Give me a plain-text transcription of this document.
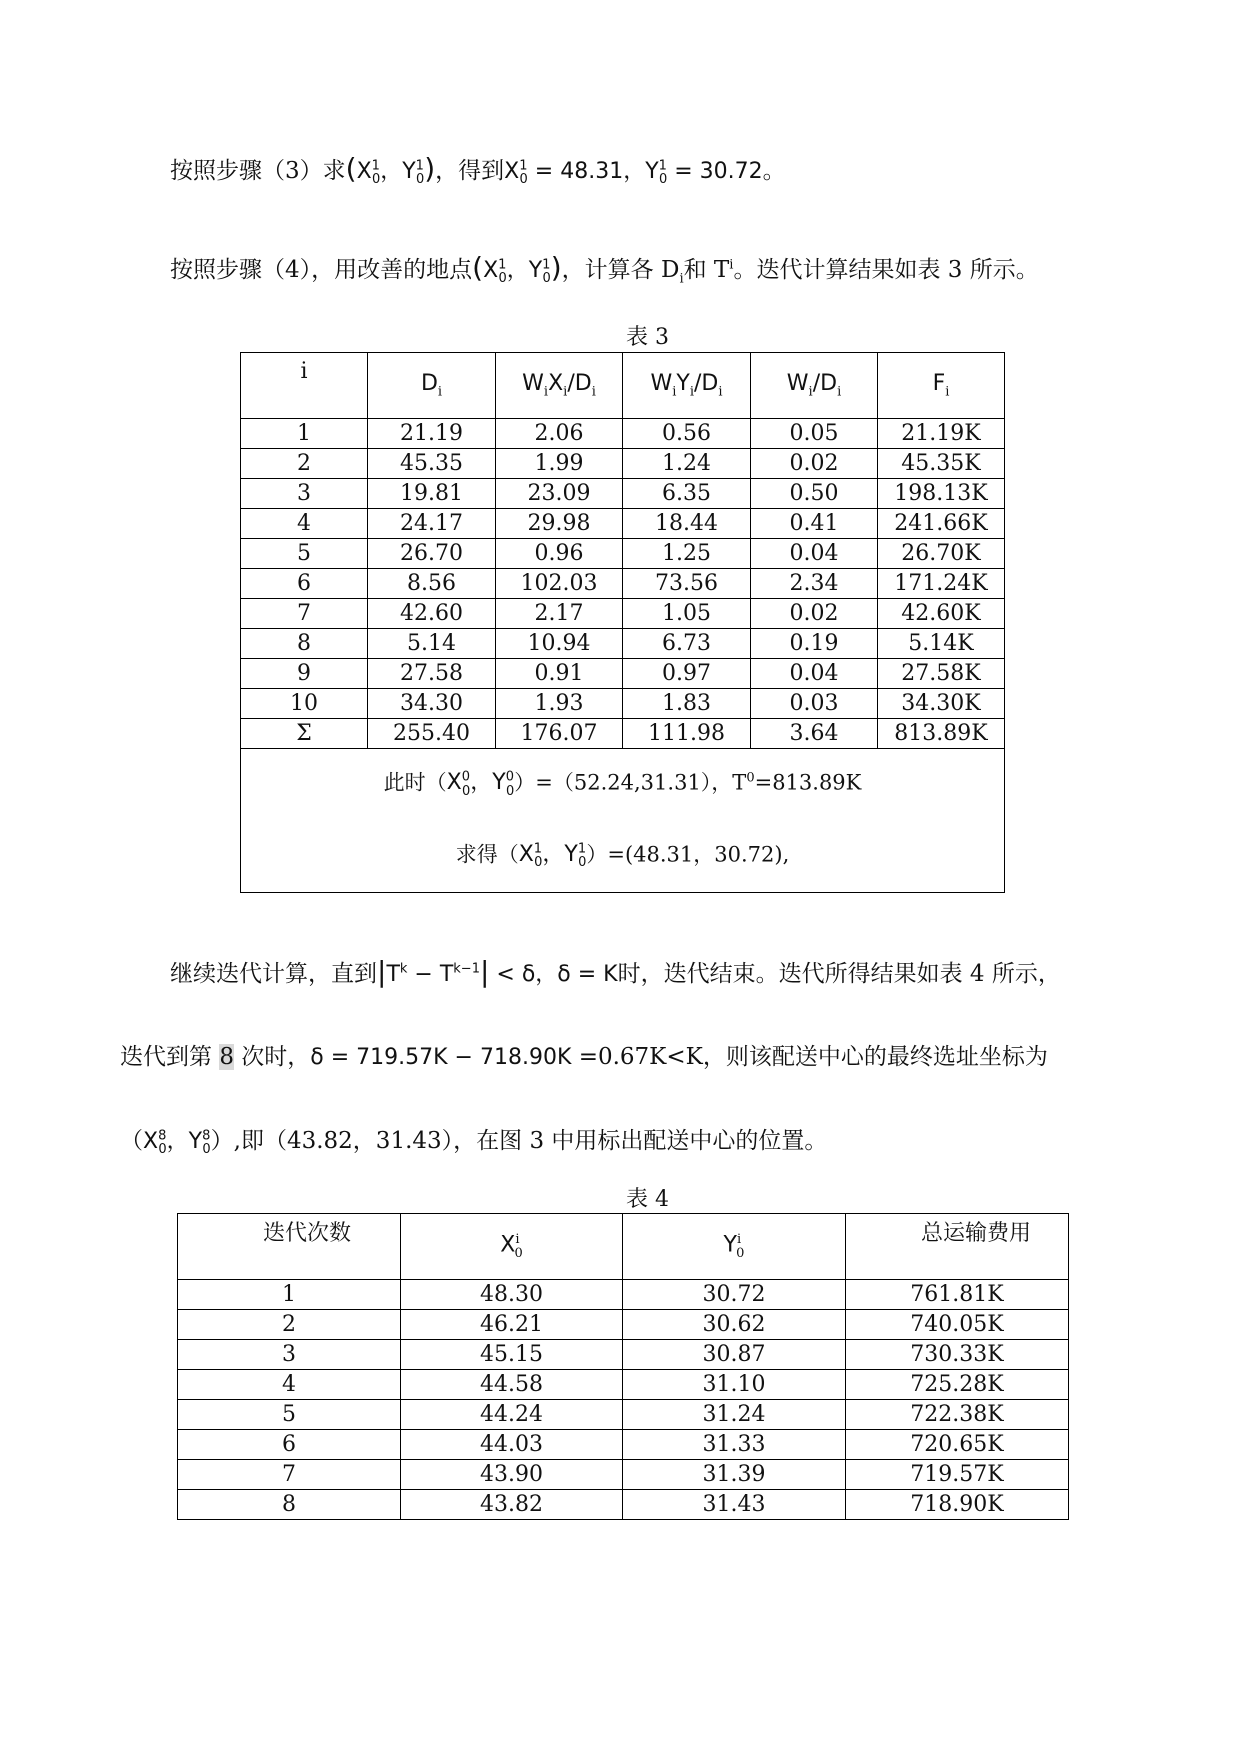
按照步骤（3）求($X^1_0$，$Y^1_0$)，得到$X^1_0 = 48.31$，$Y^1_0 = 30.72$。
按照步骤（4），用改善的地点($X^1_0$，$Y^1_0$)，计算各 $D_i$和 $T^i$。迭代计算结果如表 3 所示。
表 3
i	$D_i$	$W_iX_i/D_i$	$W_iY_i/D_i$	$W_i/D_i$	$F_i$
1	21.19	2.06	0.56	0.05	21.19K
2	45.35	1.99	1.24	0.02	45.35K
3	19.81	23.09	6.35	0.50	198.13K
4	24.17	29.98	18.44	0.41	241.66K
5	26.70	0.96	1.25	0.04	26.70K
6	8.56	102.03	73.56	2.34	171.24K
7	42.60	2.17	1.05	0.02	42.60K
8	5.14	10.94	6.73	0.19	5.14K
9	27.58	0.91	0.97	0.04	27.58K
10	34.30	1.93	1.83	0.03	34.30K
Σ	255.40	176.07	111.98	3.64	813.89K

此时（$X^0_0$，$Y^0_0)=(52.24,31.31)$，$T^0=813.89K$
求得（$X^1_0$，$Y^1_0)=(48.31$，30.72),					
继续迭代计算，直到$|T^k - T^{k-1}| < \delta$，δ = K时，迭代结束。迭代所得结果如表 4 所示，
迭代到第 8 次时，δ = 719.57K − 718.90K =0.67K<K，则该配送中心的最终选址坐标为
（$X^8_0$，$Y^8_0$）,即（43.82，31.43），在图 3 中用标出配送中心的位置。
表 4
迭代次数	$X^i_0$	$Y^i_0$	总运输费用
1	48.30	30.72	761.81K
2	46.21	30.62	740.05K
3	45.15	30.87	730.33K
4	44.58	31.10	725.28K
5	44.24	31.24	722.38K
6	44.03	31.33	720.65K
7	43.90	31.39	719.57K
8	43.82	31.43	718.90K
